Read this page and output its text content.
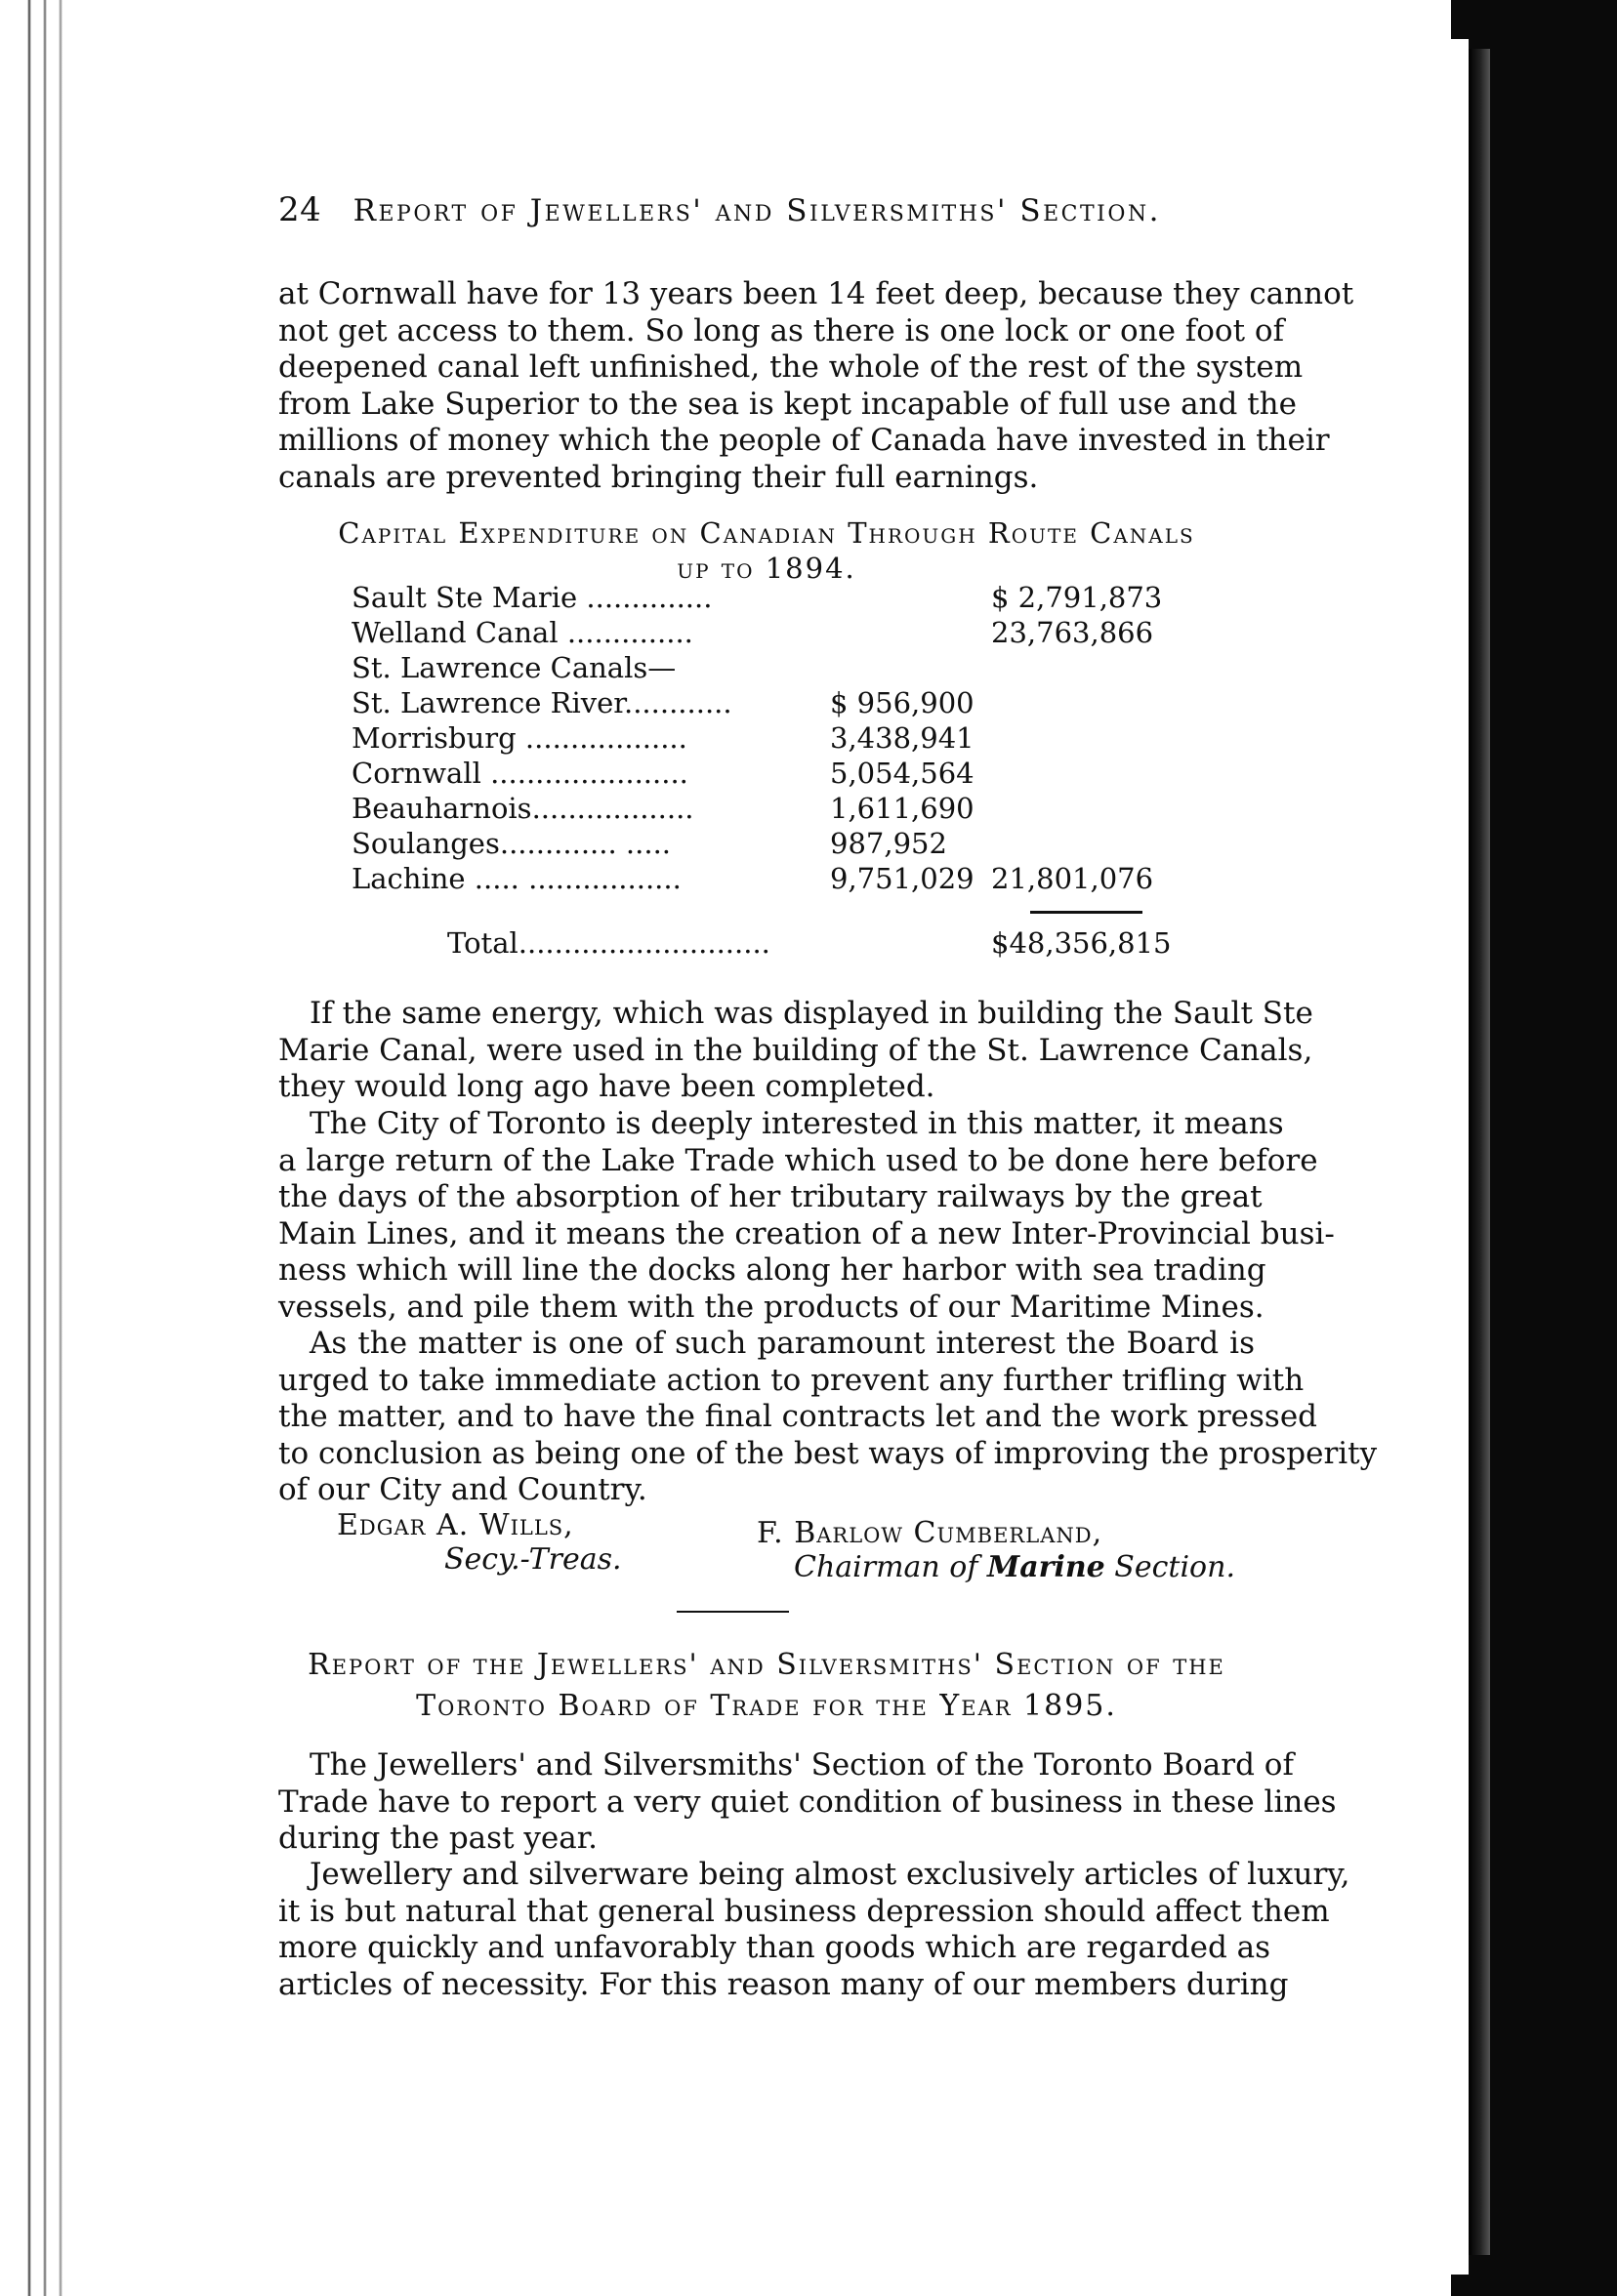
24 Report of Jewellers' and Silversmiths' Section.
at Cornwall have for 13 years been 14 feet deep, because they cannot
not get access to them. So long as there is one lock or one foot of
deepened canal left unfinished, the whole of the rest of the system
from Lake Superior to the sea is kept incapable of full use and the
millions of money which the people of Canada have invested in their
canals are prevented bringing their full earnings.
Capital Expenditure on Canadian Through Route Canals
up to 1894.
Sault Ste Marie ..............	$ 2,791,873
Welland Canal ..............	23,763,866
St. Lawrence Canals—
St. Lawrence River............	$ 956,900
Morrisburg ..................	3,438,941
Cornwall ......................	5,054,564
Beauharnois..................	1,611,690
Soulanges............. .....	987,952
Lachine ..... .................	9,751,029 21,801,076
Total............................	$48,356,815
If the same energy, which was displayed in building the Sault Ste
Marie Canal, were used in the building of the St. Lawrence Canals,
they would long ago have been completed.
The City of Toronto is deeply interested in this matter, it means
a large return of the Lake Trade which used to be done here before
the days of the absorption of her tributary railways by the great
Main Lines, and it means the creation of a new Inter-Provincial busi-
ness which will line the docks along her harbor with sea trading
vessels, and pile them with the products of our Maritime Mines.
As the matter is one of such paramount interest the Board is
urged to take immediate action to prevent any further trifling with
the matter, and to have the final contracts let and the work pressed
to conclusion as being one of the best ways of improving the prosperity
of our City and Country.
Edgar A. Wills,
Secy.-Treas.
F. Barlow Cumberland,
Chairman of Marine Section.
Report of the Jewellers' and Silversmiths' Section of the
Toronto Board of Trade for the Year 1895.
The Jewellers' and Silversmiths' Section of the Toronto Board of
Trade have to report a very quiet condition of business in these lines
during the past year.
Jewellery and silverware being almost exclusively articles of luxury,
it is but natural that general business depression should affect them
more quickly and unfavorably than goods which are regarded as
articles of necessity. For this reason many of our members during
